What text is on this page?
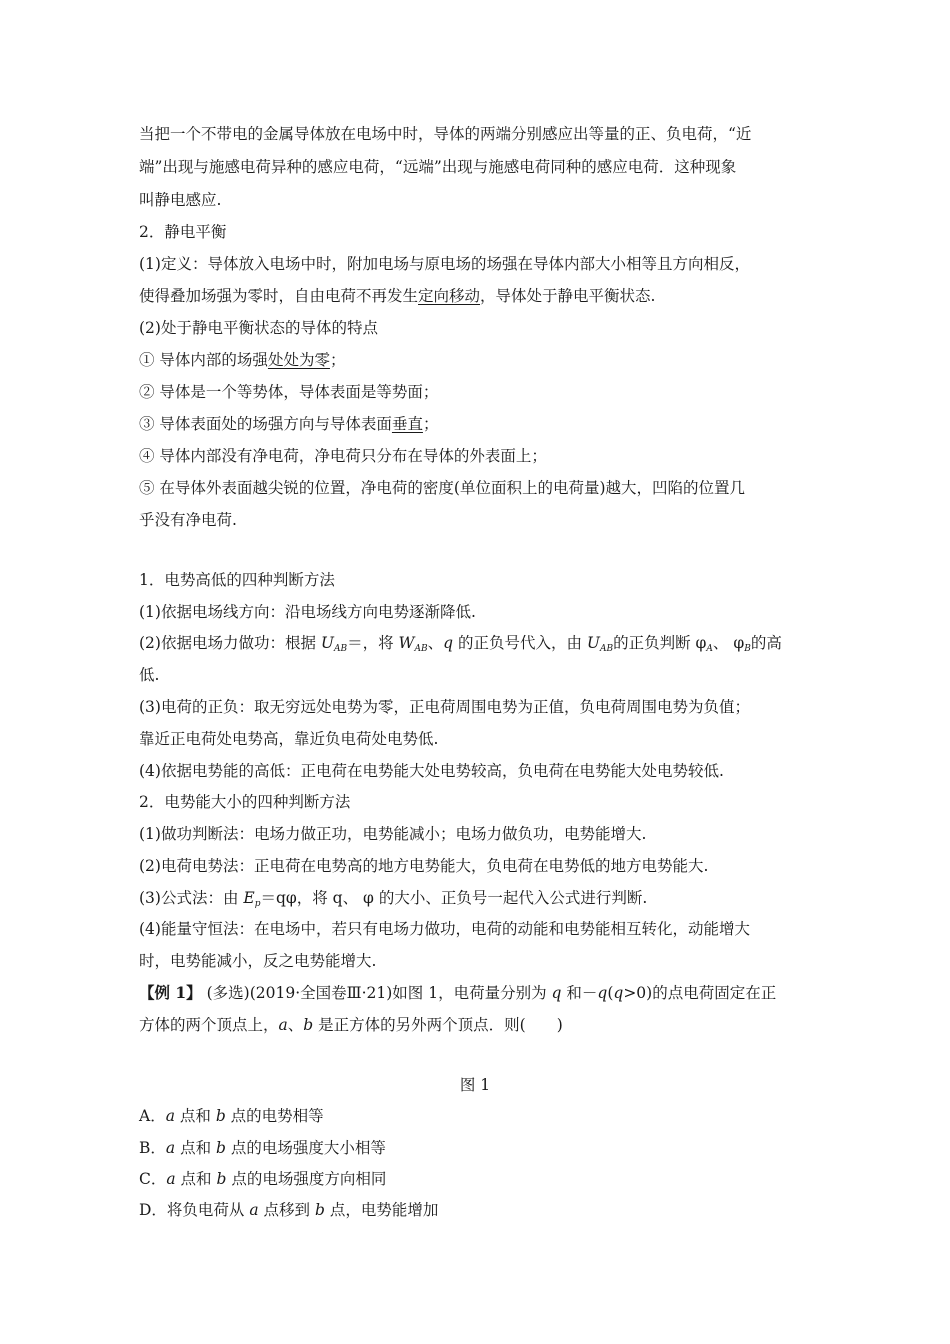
当把一个不带电的金属导体放在电场中时，导体的两端分别感应出等量的正、负电荷，“近
端”出现与施感电荷异种的感应电荷，“远端”出现与施感电荷同种的感应电荷．这种现象
叫静电感应.
2．静电平衡
(1)定义：导体放入电场中时，附加电场与原电场的场强在导体内部大小相等且方向相反，
使得叠加场强为零时，自由电荷不再发生定向移动，导体处于静电平衡状态.
(2)处于静电平衡状态的导体的特点
① 导体内部的场强处处为零；
② 导体是一个等势体，导体表面是等势面；
③ 导体表面处的场强方向与导体表面垂直；
④ 导体内部没有净电荷，净电荷只分布在导体的外表面上；
⑤ 在导体外表面越尖锐的位置，净电荷的密度(单位面积上的电荷量)越大，凹陷的位置几
乎没有净电荷.
1．电势高低的四种判断方法
(1)依据电场线方向：沿电场线方向电势逐渐降低.
(2)依据电场力做功：根据 $U_{AB}=$，将 $W_{AB}$、q 的正负号代入，由 $U_{AB}$的正负判断 $\varphi_A$、 $\varphi_B$的高
低.
(3)电荷的正负：取无穷远处电势为零，正电荷周围电势为正值，负电荷周围电势为负值；
靠近正电荷处电势高，靠近负电荷处电势低.
(4)依据电势能的高低：正电荷在电势能大处电势较高，负电荷在电势能大处电势较低.
2．电势能大小的四种判断方法
(1)做功判断法：电场力做正功，电势能减小；电场力做负功，电势能增大.
(2)电荷电势法：正电荷在电势高的地方电势能大，负电荷在电势低的地方电势能大.
(3)公式法：由 $E_p=q\varphi$，将 q、 φ 的大小、正负号一起代入公式进行判断.
(4)能量守恒法：在电场中，若只有电场力做功，电荷的动能和电势能相互转化，动能增大
时，电势能减小，反之电势能增大.
【例 1】 (多选)(2019·全国卷Ⅲ·21)如图 1，电荷量分别为 q 和－q(q>0)的点电荷固定在正
方体的两个顶点上，a、b 是正方体的另外两个顶点．则(　　)
图 1
A．a 点和 b 点的电势相等
B．a 点和 b 点的电场强度大小相等
C．a 点和 b 点的电场强度方向相同
D．将负电荷从 a 点移到 b 点，电势能增加
